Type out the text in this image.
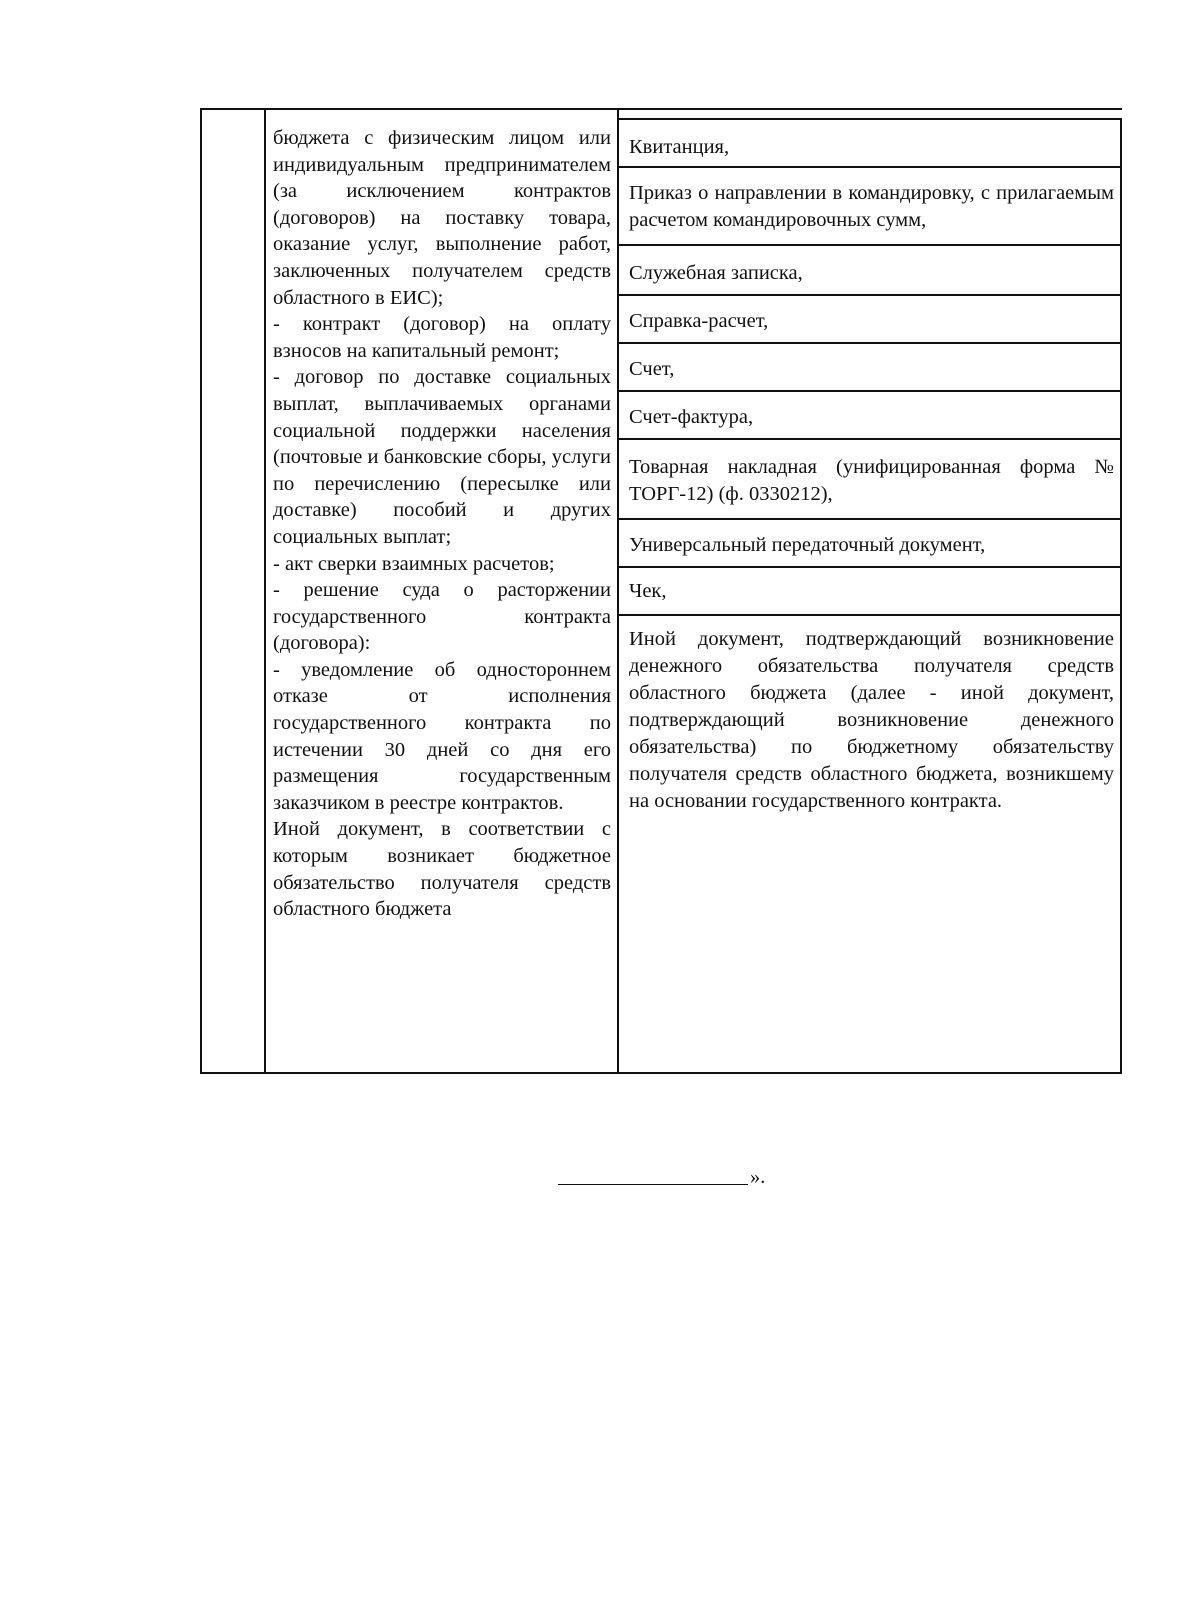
бюджета с физическим лицом или индивидуальным предпринимателем (за исключением контрактов (договоров) на поставку товара, оказание услуг, выполнение работ, заключенных получателем средств областного в ЕИС);

- контракт (договор) на оплату взносов на капитальный ремонт;

- договор по доставке социальных выплат, выплачиваемых органами социальной поддержки населения (почтовые и банковские сборы, услуги по перечислению (пересылке или доставке) пособий и других социальных выплат;

- акт сверки взаимных расчетов;

- решение суда о расторжении государственного контракта (договора):

- уведомление об одностороннем отказе от исполнения государственного контракта по истечении 30 дней со дня его размещения государственным заказчиком в реестре контрактов.

Иной документ, в соответствии с которым возникает бюджетное обязательство получателя средств областного бюджета

Квитанция,
Приказ о направлении в командировку, с прилагаемым расчетом командировочных сумм,
Служебная записка,
Справка-расчет,
Счет,
Счет-фактура,
Товарная накладная (унифицированная форма № ТОРГ-12) (ф. 0330212),
Универсальный передаточный документ,
Чек,
Иной документ, подтверждающий возникновение денежного обязательства получателя средств областного бюджета (далее - иной документ, подтверждающий возникновение денежного обязательства) по бюджетному обязательству получателя средств областного бюджета, возникшему на основании государственного контракта.
».
